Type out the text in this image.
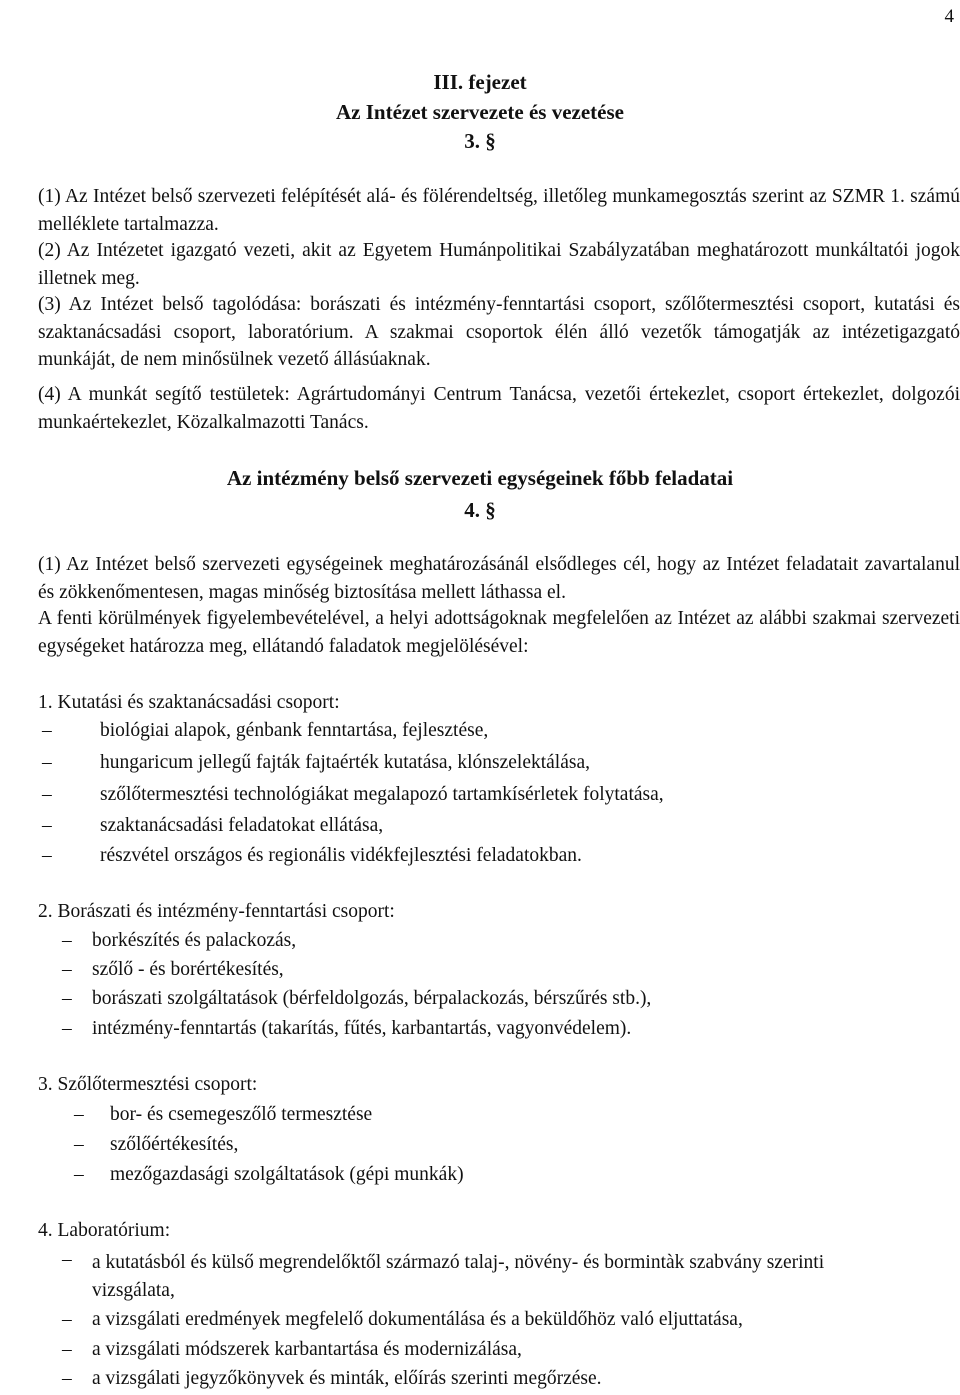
4
III. fejezet
Az Intézet szervezete és vezetése
3. §
(1) Az Intézet belső szervezeti felépítését alá- és fölérendeltség, illetőleg munkamegosztás szerint az SZMR 1. számú melléklete tartalmazza.
(2) Az Intézetet igazgató vezeti, akit az Egyetem Humánpolitikai Szabályzatában meghatározott munkáltatói jogok illetnek meg.
(3) Az Intézet belső tagolódása: borászati és intézmény-fenntartási csoport, szőlőtermesztési csoport, kutatási és szaktanácsadási csoport, laboratórium. A szakmai csoportok élén álló vezetők támogatják az intézetigazgató munkáját, de nem minősülnek vezető állásúaknak.
(4) A munkát segítő testületek: Agrártudományi Centrum Tanácsa, vezetői értekezlet, csoport értekezlet, dolgozói munkaértekezlet, Közalkalmazotti Tanács.
Az intézmény belső szervezeti egységeinek főbb feladatai
4. §
(1) Az Intézet belső szervezeti egységeinek meghatározásánál elsődleges cél, hogy az Intézet feladatait zavartalanul és zökkenőmentesen, magas minőség biztosítása mellett láthassa el.
A fenti körülmények figyelembevételével, a helyi adottságoknak megfelelően az Intézet az alábbi szakmai szervezeti egységeket határozza meg, ellátandó faladatok megjelölésével:
1. Kutatási és szaktanácsadási csoport:
– biológiai alapok, génbank fenntartása, fejlesztése,
– hungaricum jellegű fajták fajtaérték kutatása, klónszelektálása,
– szőlőtermesztési technológiákat megalapozó tartamkísérletek folytatása,
– szaktanácsadási feladatokat ellátása,
– részvétel országos és regionális vidékfejlesztési feladatokban.
2. Borászati és intézmény-fenntartási csoport:
– borkészítés és palackozás,
– szőlő - és borértékesítés,
– borászati szolgáltatások (bérfeldolgozás, bérpalackozás, bérszűrés stb.),
– intézmény-fenntartás (takarítás, fűtés, karbantartás, vagyonvédelem).
3. Szőlőtermesztési csoport:
– bor- és csemegeszőlő termesztése
– szőlőértékesítés,
– mezőgazdasági szolgáltatások (gépi munkák)
4. Laboratórium:
– a kutatásból és külső megrendelőktől származó talaj-, növény- és bormintàk szabvány szerinti vizsgálata,
– a vizsgálati eredmények megfelelő dokumentálása és a beküldőhöz való eljuttatása,
– a vizsgálati módszerek karbantartása és modernizálása,
– a vizsgálati jegyzőkönyvek és minták, előírás szerinti megőrzése.
